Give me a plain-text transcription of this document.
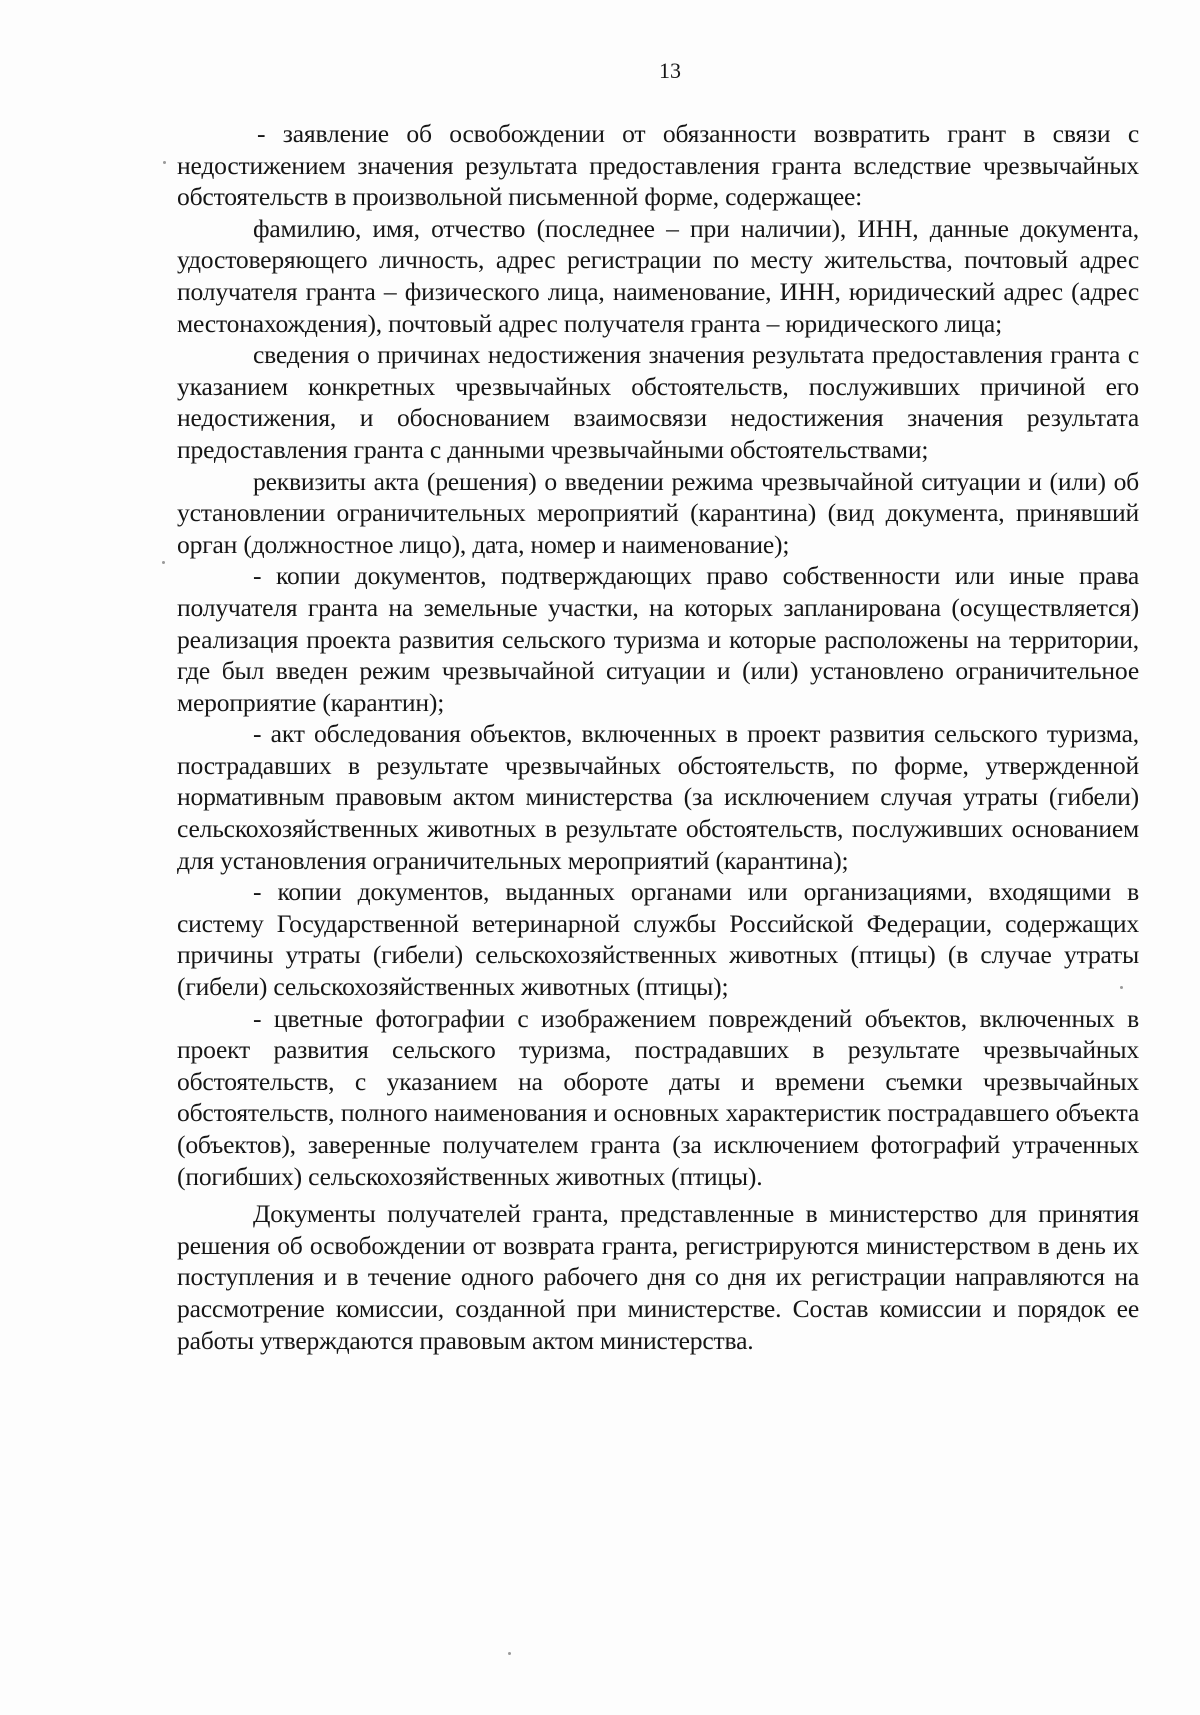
13

- заявление об освобождении от обязанности возвратить грант в связи с недостижением значения результата предоставления гранта вследствие чрезвычайных обстоятельств в произвольной письменной форме, содержащее:

фамилию, имя, отчество (последнее – при наличии), ИНН, данные документа, удостоверяющего личность, адрес регистрации по месту жительства, почтовый адрес получателя гранта – физического лица, наименование, ИНН, юридический адрес (адрес местонахождения), почтовый адрес получателя гранта – юридического лица;

сведения о причинах недостижения значения результата предоставления гранта с указанием конкретных чрезвычайных обстоятельств, послуживших причиной его недостижения, и обоснованием взаимосвязи недостижения значения результата предоставления гранта с данными чрезвычайными обстоятельствами;

реквизиты акта (решения) о введении режима чрезвычайной ситуации и (или) об установлении ограничительных мероприятий (карантина) (вид документа, принявший орган (должностное лицо), дата, номер и наименование);

- копии документов, подтверждающих право собственности или иные права получателя гранта на земельные участки, на которых запланирована (осуществляется) реализация проекта развития сельского туризма и которые расположены на территории, где был введен режим чрезвычайной ситуации и (или) установлено ограничительное мероприятие (карантин);

- акт обследования объектов, включенных в проект развития сельского туризма, пострадавших в результате чрезвычайных обстоятельств, по форме, утвержденной нормативным правовым актом министерства (за исключением случая утраты (гибели) сельскохозяйственных животных в результате обстоятельств, послуживших основанием для установления ограничительных мероприятий (карантина);

- копии документов, выданных органами или организациями, входящими в систему Государственной ветеринарной службы Российской Федерации, содержащих причины утраты (гибели) сельскохозяйственных животных (птицы) (в случае утраты (гибели) сельскохозяйственных животных (птицы);

- цветные фотографии с изображением повреждений объектов, включенных в проект развития сельского туризма, пострадавших в результате чрезвычайных обстоятельств, с указанием на обороте даты и времени съемки чрезвычайных обстоятельств, полного наименования и основных характеристик пострадавшего объекта (объектов), заверенные получателем гранта (за исключением фотографий утраченных (погибших) сельскохозяйственных животных (птицы).

Документы получателей гранта, представленные в министерство для принятия решения об освобождении от возврата гранта, регистрируются министерством в день их поступления и в течение одного рабочего дня со дня их регистрации направляются на рассмотрение комиссии, созданной при министерстве. Состав комиссии и порядок ее работы утверждаются правовым актом министерства.
